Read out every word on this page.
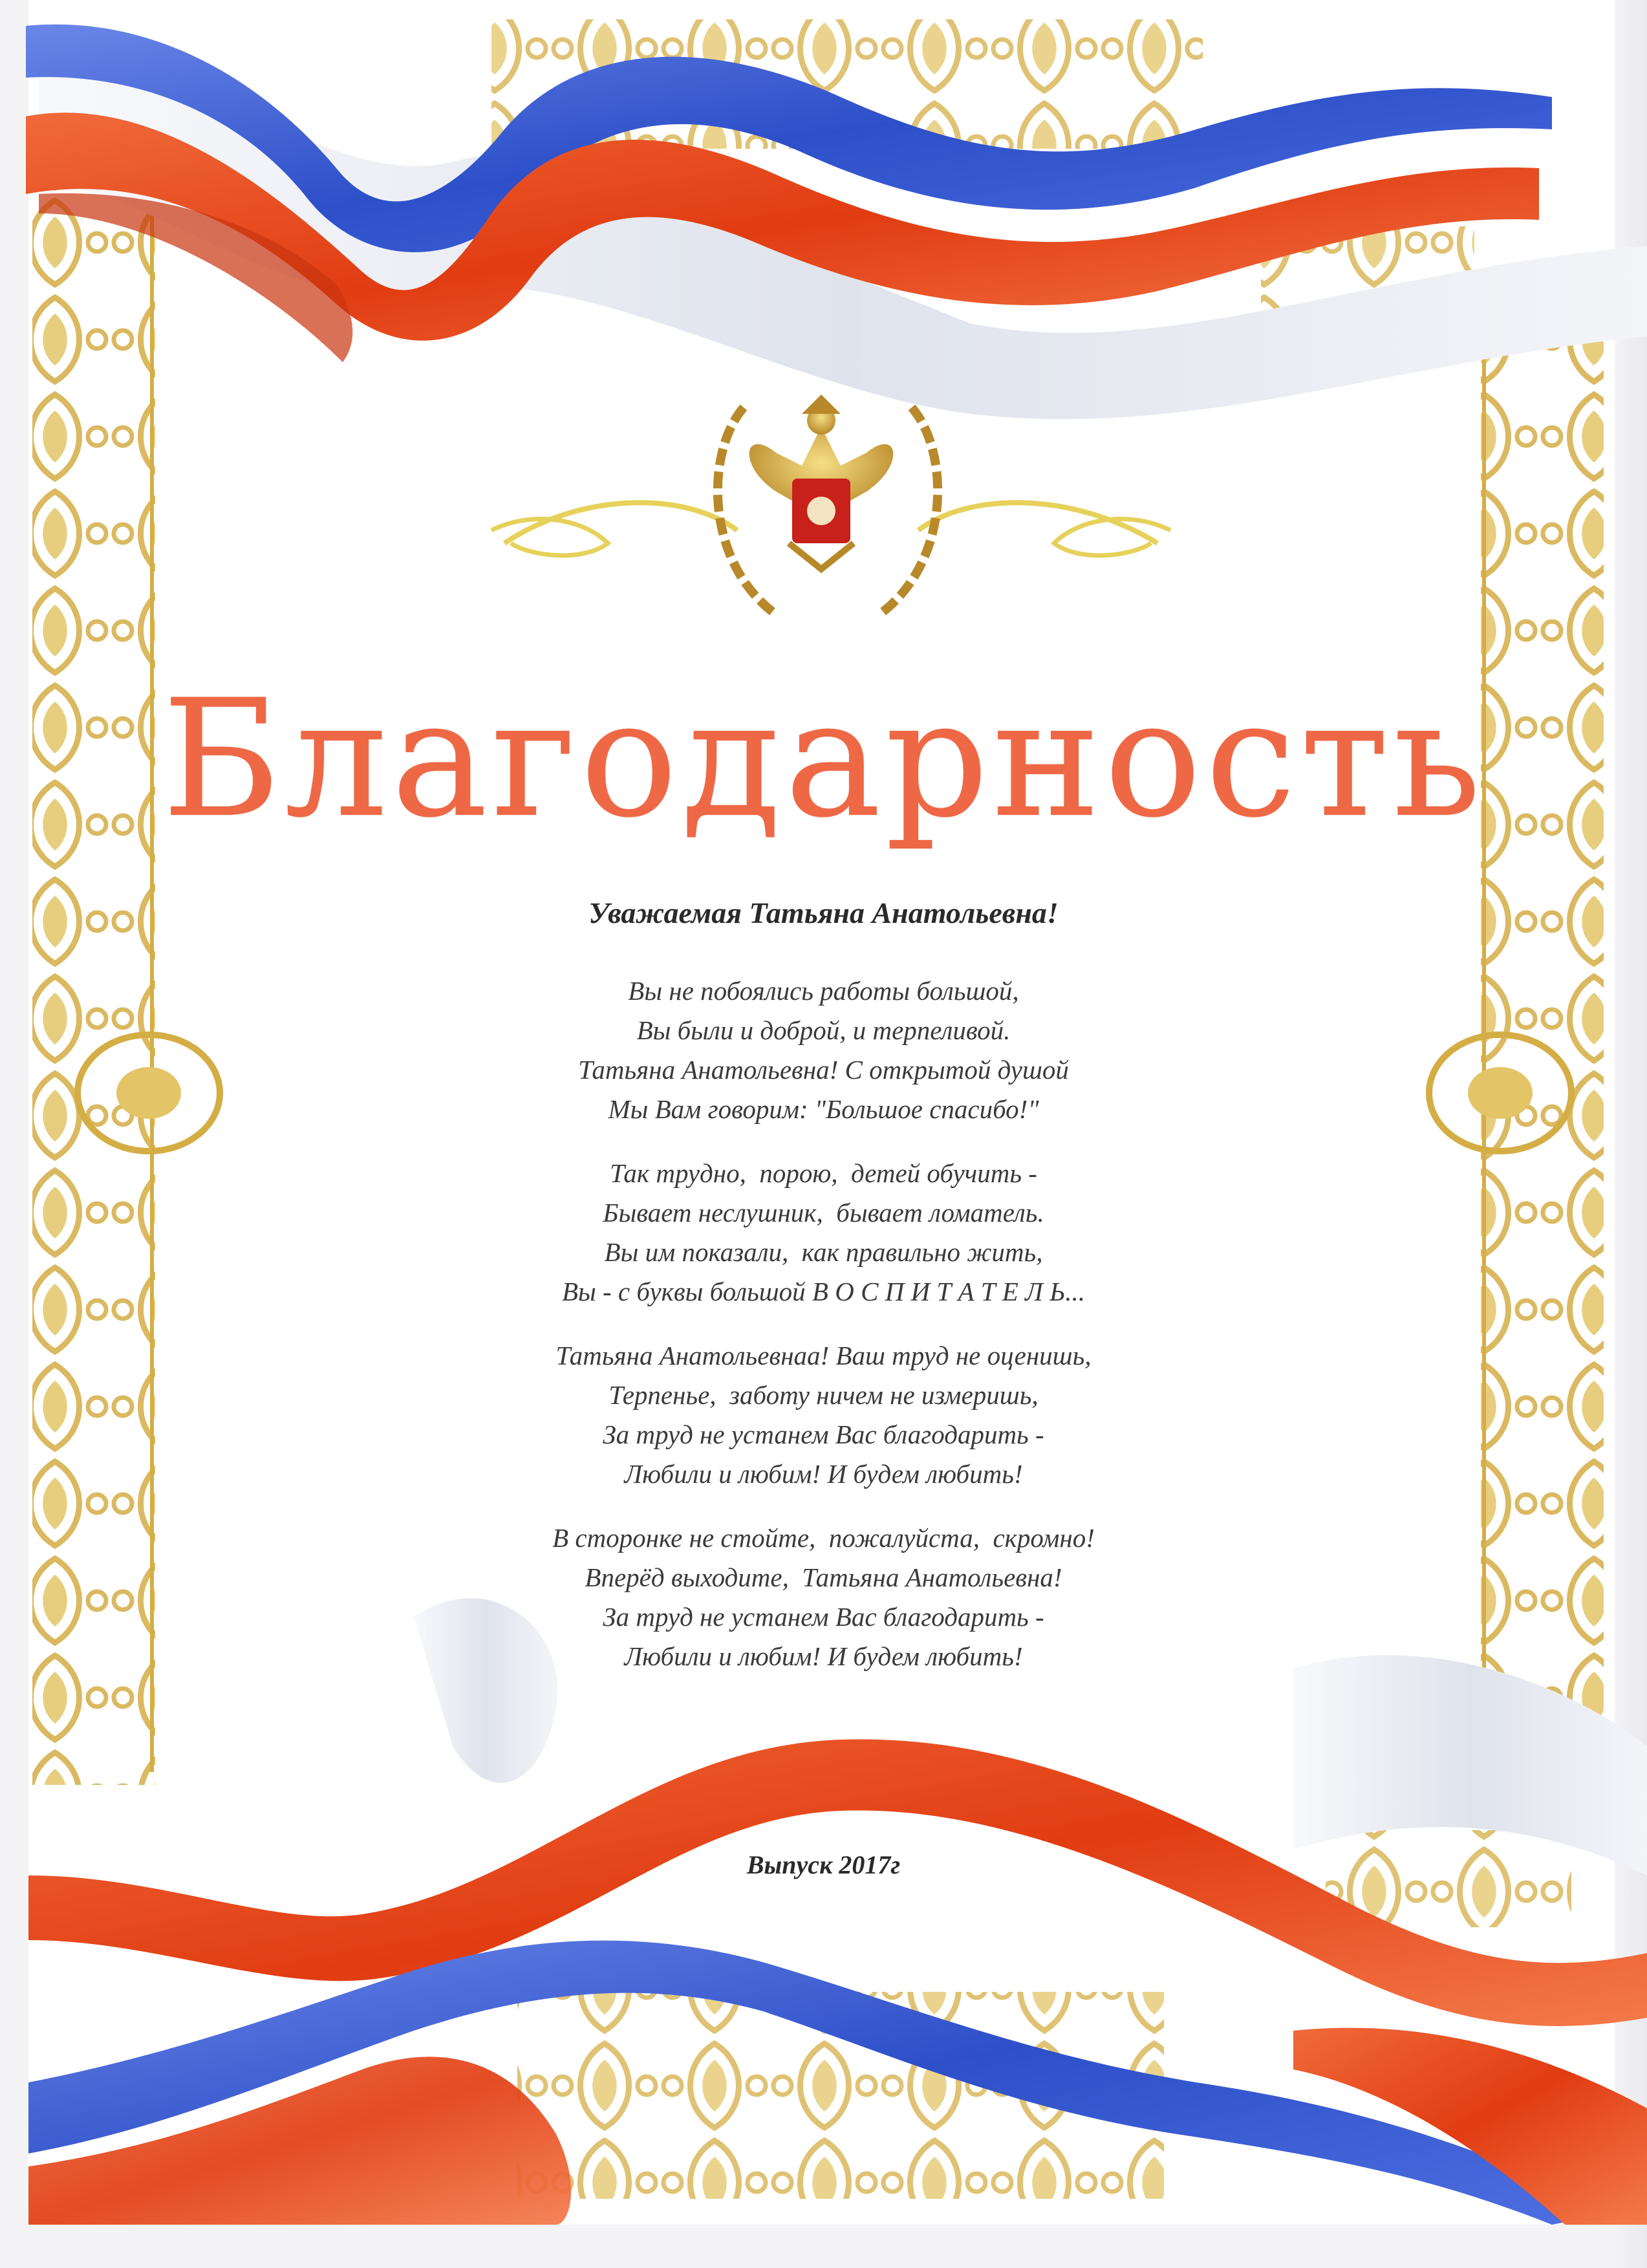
Благодарность
Уважаемая Татьяна Анатольевна!
Вы не побоялись работы большой,
Вы были и доброй, и терпеливой.
Татьяна Анатольевна! С открытой душой
Мы Вам говорим: "Большое спасибо!"
Так трудно,  порою,  детей обучить -
Бывает неслушник,  бывает ломатель.
Вы им показали,  как правильно жить,
Вы - с буквы большой В О С П И Т А Т Е Л Ь...
Татьяна Анатольевнаа! Ваш труд не оценишь,
Терпенье,  заботу ничем не измеришь,
За труд не устанем Вас благодарить -
Любили и любим! И будем любить!
В сторонке не стойте,  пожалуйста,  скромно!
Вперёд выходите,  Татьяна Анатольевна!
За труд не устанем Вас благодарить -
Любили и любим! И будем любить!
Выпуск 2017г
